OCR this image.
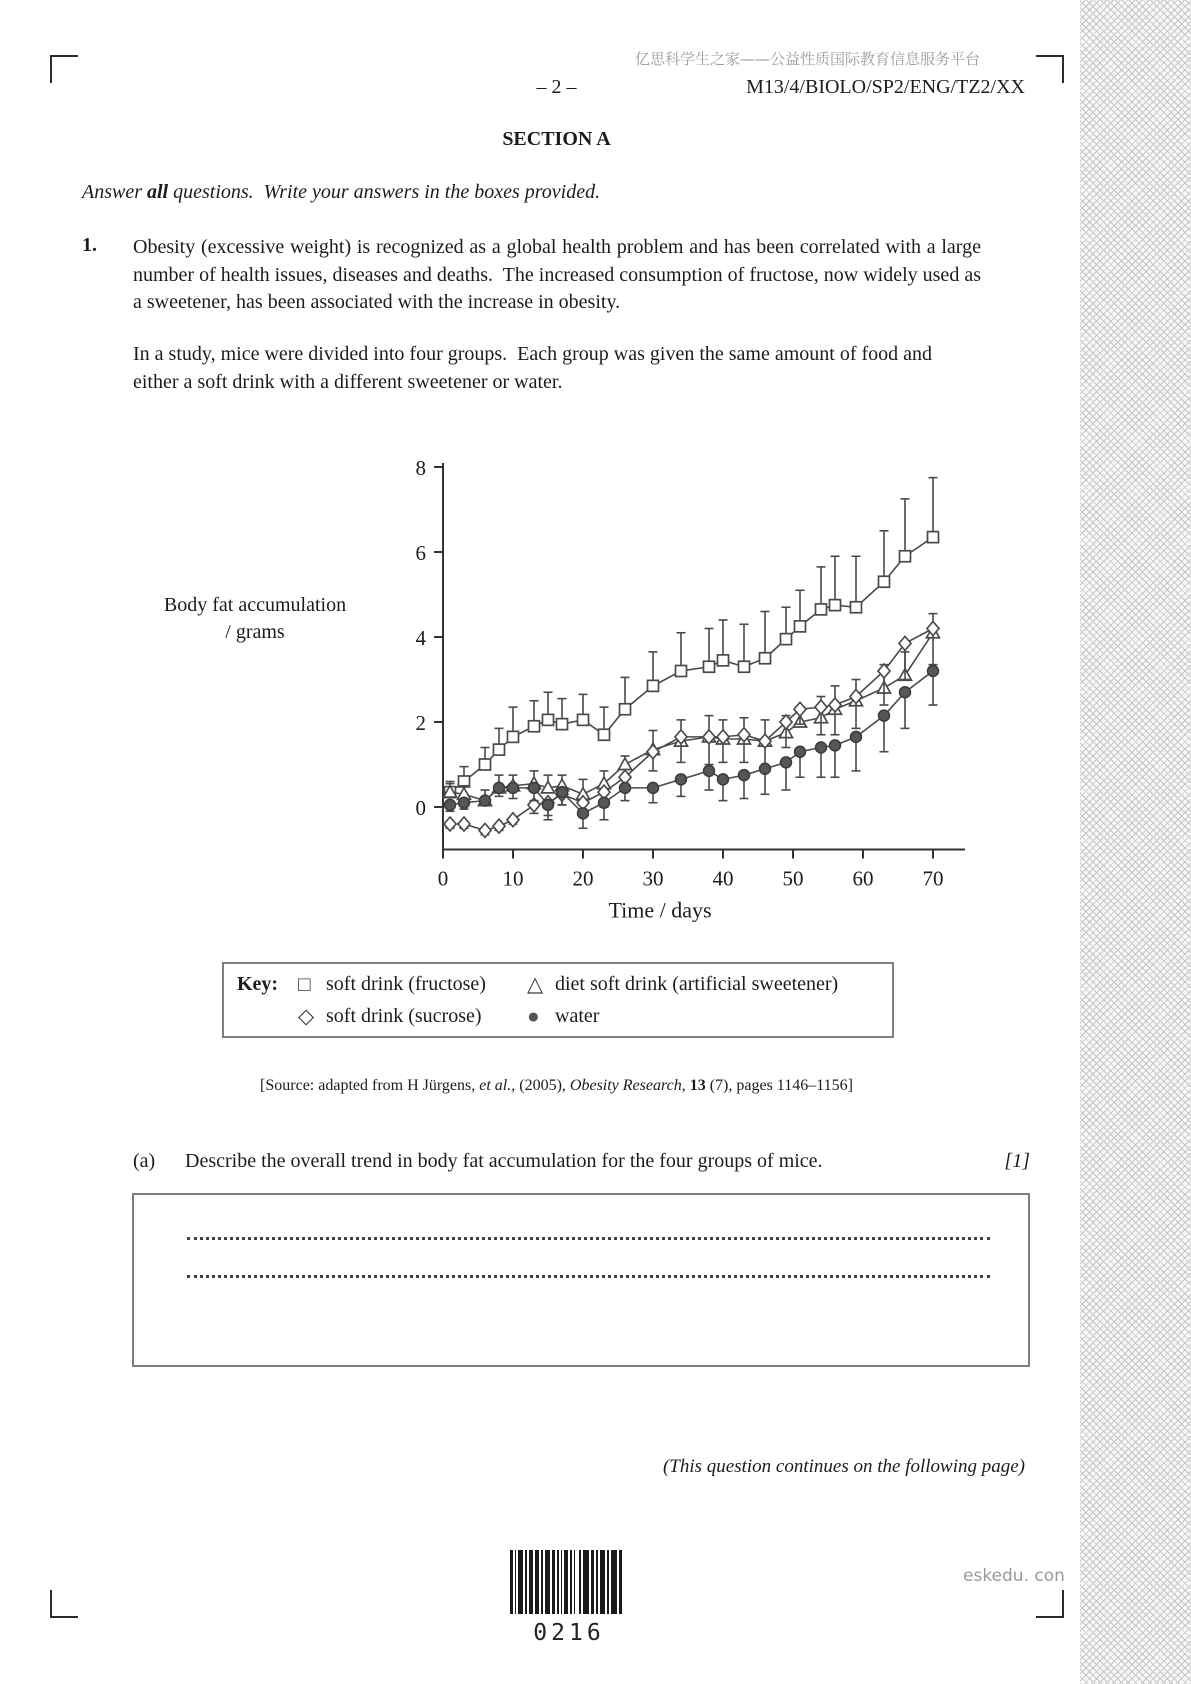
亿思科学生之家——公益性质国际教育信息服务平台
– 2 –	M13/4/BIOLO/SP2/ENG/TZ2/XX
SECTION A
Answer all questions.  Write your answers in the boxes provided.
1. Obesity (excessive weight) is recognized as a global health problem and has been correlated with a large number of health issues, diseases and deaths.  The increased consumption of fructose, now widely used as a sweetener, has been associated with the increase in obesity.
In a study, mice were divided into four groups.  Each group was given the same amount of food and either a soft drink with a different sweetener or water.
Body fat accumulation
/ grams
0
2
4
6
8
0	10 20 30 40 50 60 70
Time / days
Key: □ soft drink (fructose) △ diet soft drink (artificial sweetener)
◇ soft drink (sucrose) ● water
[Source: adapted from H Jürgens, et al., (2005), Obesity Research, 13 (7), pages 1146–1156]
(a) Describe the overall trend in body fat accumulation for the four groups of mice.	[1]
(This question continues on the following page)
0216
eskedu. con
